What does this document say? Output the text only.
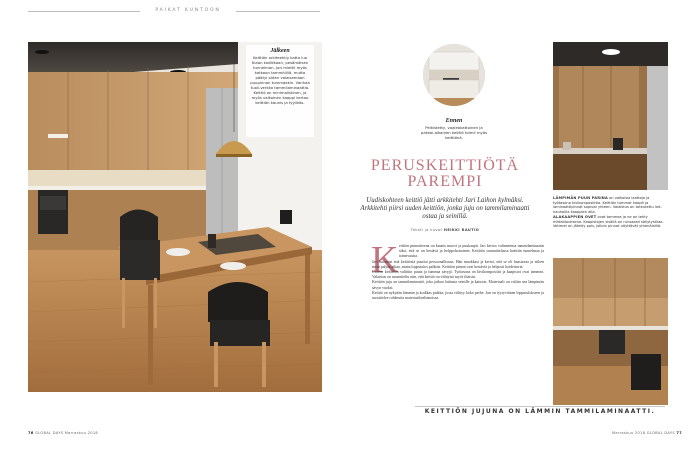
PAIKAT KUNTOON
Jälkeen
Keittiön arkiteehtiy katto luo tilaan kodikkaan, pesämäisen tunnelman. Jari miettii myös katkoon tammitiiliä, mutta päätyi sitten valaisemaan puupinnan tummaakin. Vanhaa tuoli-verkko tammilaminaattia. Keittiö on minimalistinen, ja myös valkoinen kaappi kertoo keittiön kaunis ja tyylikäs.
Ennen
Pelkistetty, vaaleakattoinen ja pakkoi-aikainen keittiö toimii myös keittiönä.
PERUSKEITTIÖTÄ PAREMPI
Uudiskohteen keittiö jätti arkkitehti Jari Laihon kylmäksi. Arkkitehti piirsi uuden keittiön, jonka juju on tammilaminaatti ostaa ja seinillä.
Teksti ja kuvat HEIKKI RAUTIO
K eittiön pinnoitteena on kaunis muovi ja puukaapit. Jari kertoo valinneensa tammilaminaatin siksi, että se on kestävä ja helppohoitoinen. Keittiön suunnittelussa haettiin tunnelmaa ja toimivuutta.

Jari huomasi että keittiöstä puuttui persoonallisuus. Hän muokkasi ja kertoi, että se oli haastavaa ja siihen meni paljon aikaa, mutta lopputulos palkitsi. Keittiön pinnat ovat kestäviä ja helposti hoidettavia.

Uuteen keittiöön valittiin puuta ja tummia sävyjä. Työtasona on kivikomposiitti ja kaapistot ovat tammea. Valaistus on suunniteltu niin, että keittiö on viihtyisä myös iltaisin.

Keittiön juju on tammilaminaatti, joka jatkuu lattiasta seinille ja kattoon. Materiaali on valittu sen lämpimän sävyn vuoksi.

Keittiö on nykyään lämmin ja kodikas paikka, jossa viihtyy koko perhe. Jari on tyytyväinen lopputulokseen ja suosittelee rohkeutta materiaalivalinnoissa.

LÄMPIMÄN PUUN PARINA on valkoisia laattoja ja työtasona kivikomposiittia. Keittiön tummat kaapit ja laminaattipinnat sopivat yhteen. Valaistus on toteutettu led-nauhoilla kaappien alla.
ALAKAAPPIEN OVET ovat tammea ja ne on tehty mittatilauksena. Kaapistojen sisällä on runsaasti säilytystilaa. Vetimet on jätetty pois, jolloin pinnat näyttävät yhtenäisiltä.
KEITTIÖN JUJUNA ON LÄMMIN TAMMILAMINAATTI.
76 GLOBAL DAYS Marraskuu 2018	Marraskuu 2018 GLOBAL DAYS 77
